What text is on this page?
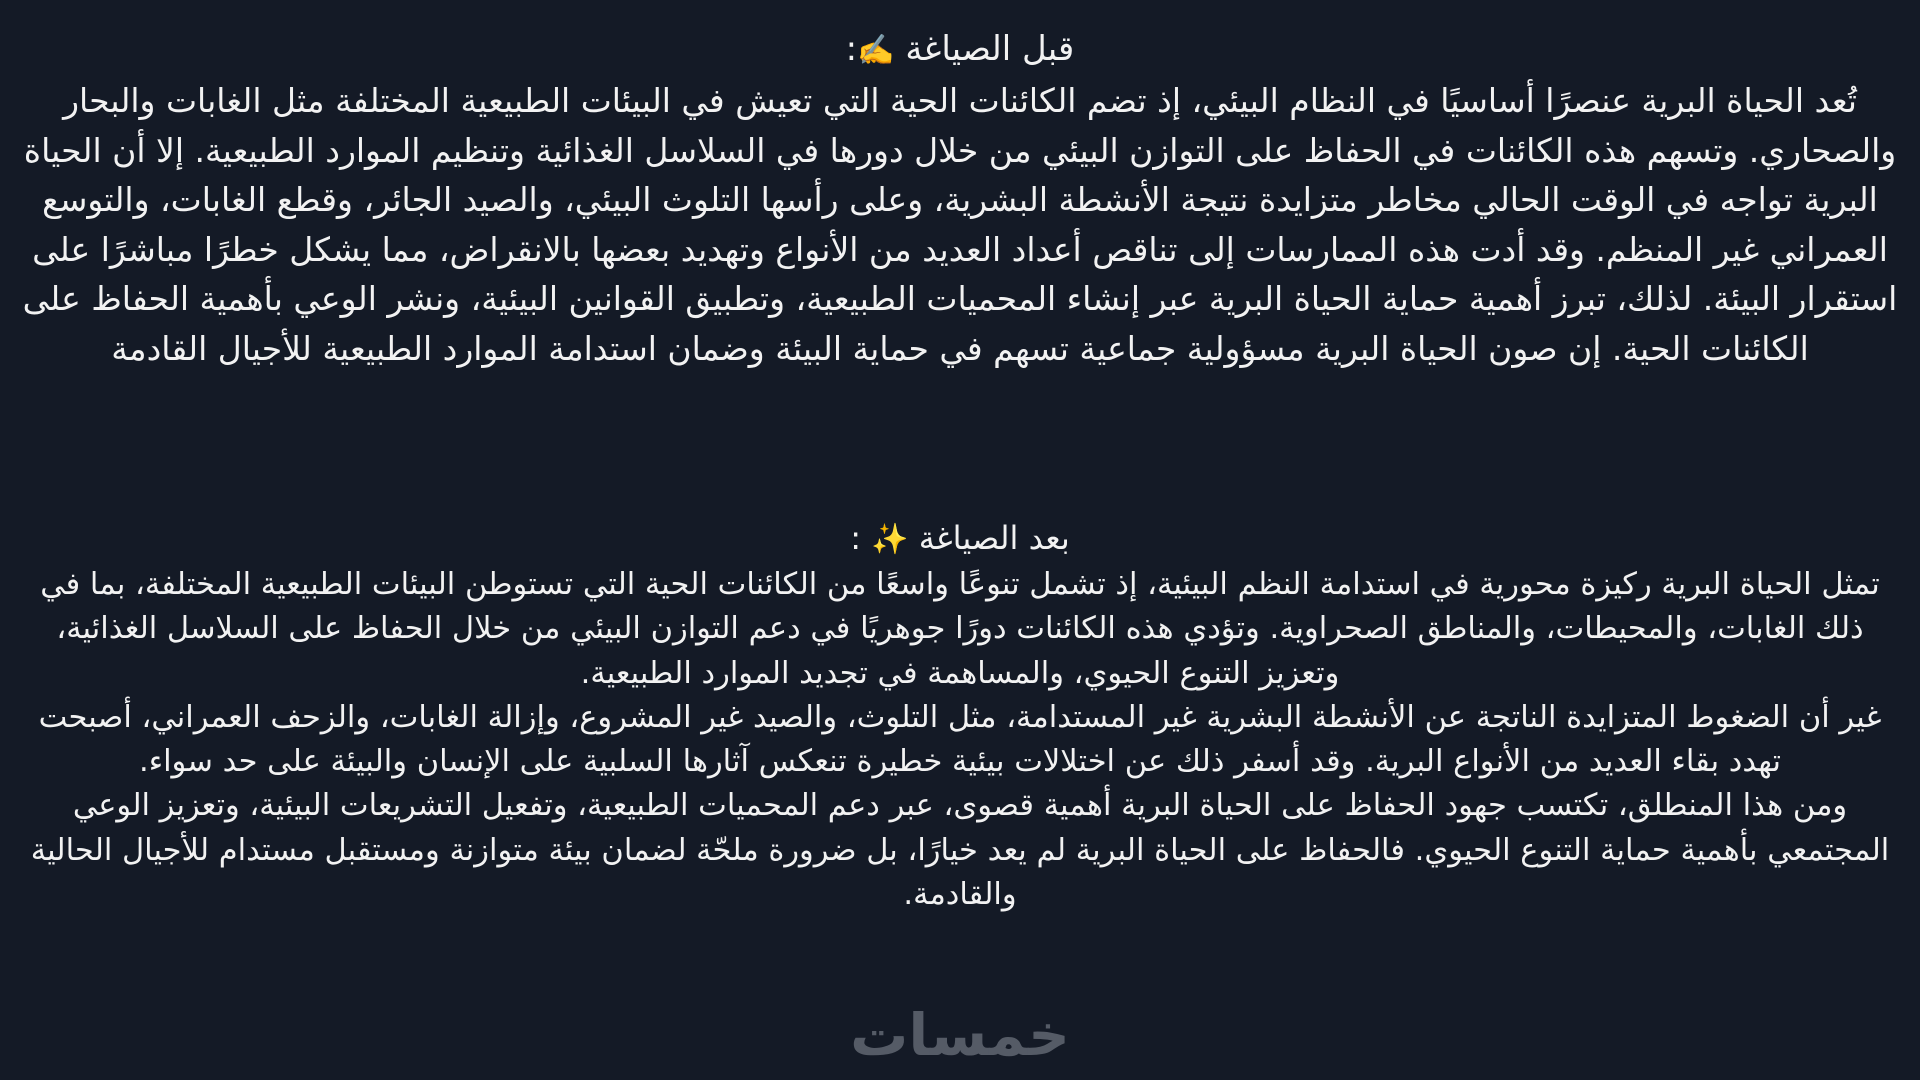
قبل الصياغة ✍️:

تُعد الحياة البرية عنصرًا أساسيًا في النظام البيئي، إذ تضم الكائنات الحية التي تعيش في البيئات الطبيعية المختلفة مثل الغابات والبحار والصحاري. وتسهم هذه الكائنات في الحفاظ على التوازن البيئي من خلال دورها في السلاسل الغذائية وتنظيم الموارد الطبيعية. إلا أن الحياة البرية تواجه في الوقت الحالي مخاطر متزايدة نتيجة الأنشطة البشرية، وعلى رأسها التلوث البيئي، والصيد الجائر، وقطع الغابات، والتوسع العمراني غير المنظم. وقد أدت هذه الممارسات إلى تناقص أعداد العديد من الأنواع وتهديد بعضها بالانقراض، مما يشكل خطرًا مباشرًا على استقرار البيئة. لذلك، تبرز أهمية حماية الحياة البرية عبر إنشاء المحميات الطبيعية، وتطبيق القوانين البيئية، ونشر الوعي بأهمية الحفاظ على الكائنات الحية. إن صون الحياة البرية مسؤولية جماعية تسهم في حماية البيئة وضمان استدامة الموارد الطبيعية للأجيال القادمة

بعد الصياغة ✨ :

تمثل الحياة البرية ركيزة محورية في استدامة النظم البيئية، إذ تشمل تنوعًا واسعًا من الكائنات الحية التي تستوطن البيئات الطبيعية المختلفة، بما في ذلك الغابات، والمحيطات، والمناطق الصحراوية. وتؤدي هذه الكائنات دورًا جوهريًا في دعم التوازن البيئي من خلال الحفاظ على السلاسل الغذائية، وتعزيز التنوع الحيوي، والمساهمة في تجديد الموارد الطبيعية.

غير أن الضغوط المتزايدة الناتجة عن الأنشطة البشرية غير المستدامة، مثل التلوث، والصيد غير المشروع، وإزالة الغابات، والزحف العمراني، أصبحت تهدد بقاء العديد من الأنواع البرية. وقد أسفر ذلك عن اختلالات بيئية خطيرة تنعكس آثارها السلبية على الإنسان والبيئة على حد سواء.

ومن هذا المنطلق، تكتسب جهود الحفاظ على الحياة البرية أهمية قصوى، عبر دعم المحميات الطبيعية، وتفعيل التشريعات البيئية، وتعزيز الوعي المجتمعي بأهمية حماية التنوع الحيوي. فالحفاظ على الحياة البرية لم يعد خيارًا، بل ضرورة ملحّة لضمان بيئة متوازنة ومستقبل مستدام للأجيال الحالية والقادمة.

خمسات
